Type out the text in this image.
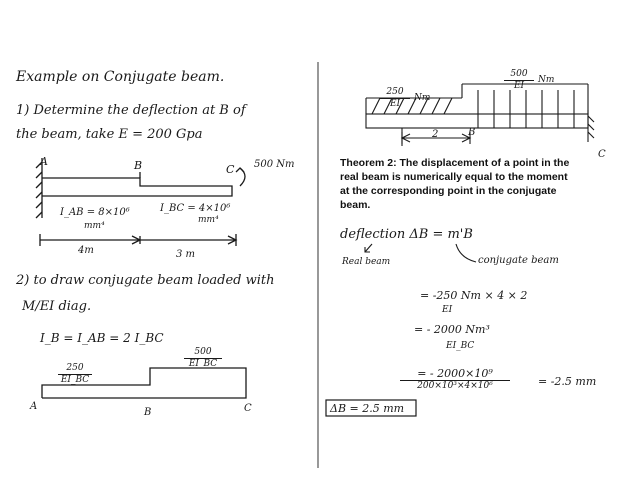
Example on Conjugate beam.
1) Determine the deflection at B of
the beam, take E = 200 Gpa
A	B	C 500 Nm
I_AB = 8×10⁶
mm⁴
I_BC = 4×10⁶
mm⁴
4m	3 m
2) to draw conjugate beam loaded with
M/EI diag.
I_B = I_AB = 2 I_BC
250
EI_BC
500
EI_BC
A
B	C
250
EI
Nm
500
EI
Nm
2	B
C
Theorem 2: The displacement of a point in the
real beam is numerically equal to the moment
at the corresponding point in the conjugate
beam.
deflection ΔB = m'B
Real beam	conjugate beam
= -250 Nm × 4 × 2
EI
= - 2000 Nm³
EI_BC
= - 2000×10⁹
200×10³×4×10⁶	= -2.5 mm
ΔB = 2.5 mm
